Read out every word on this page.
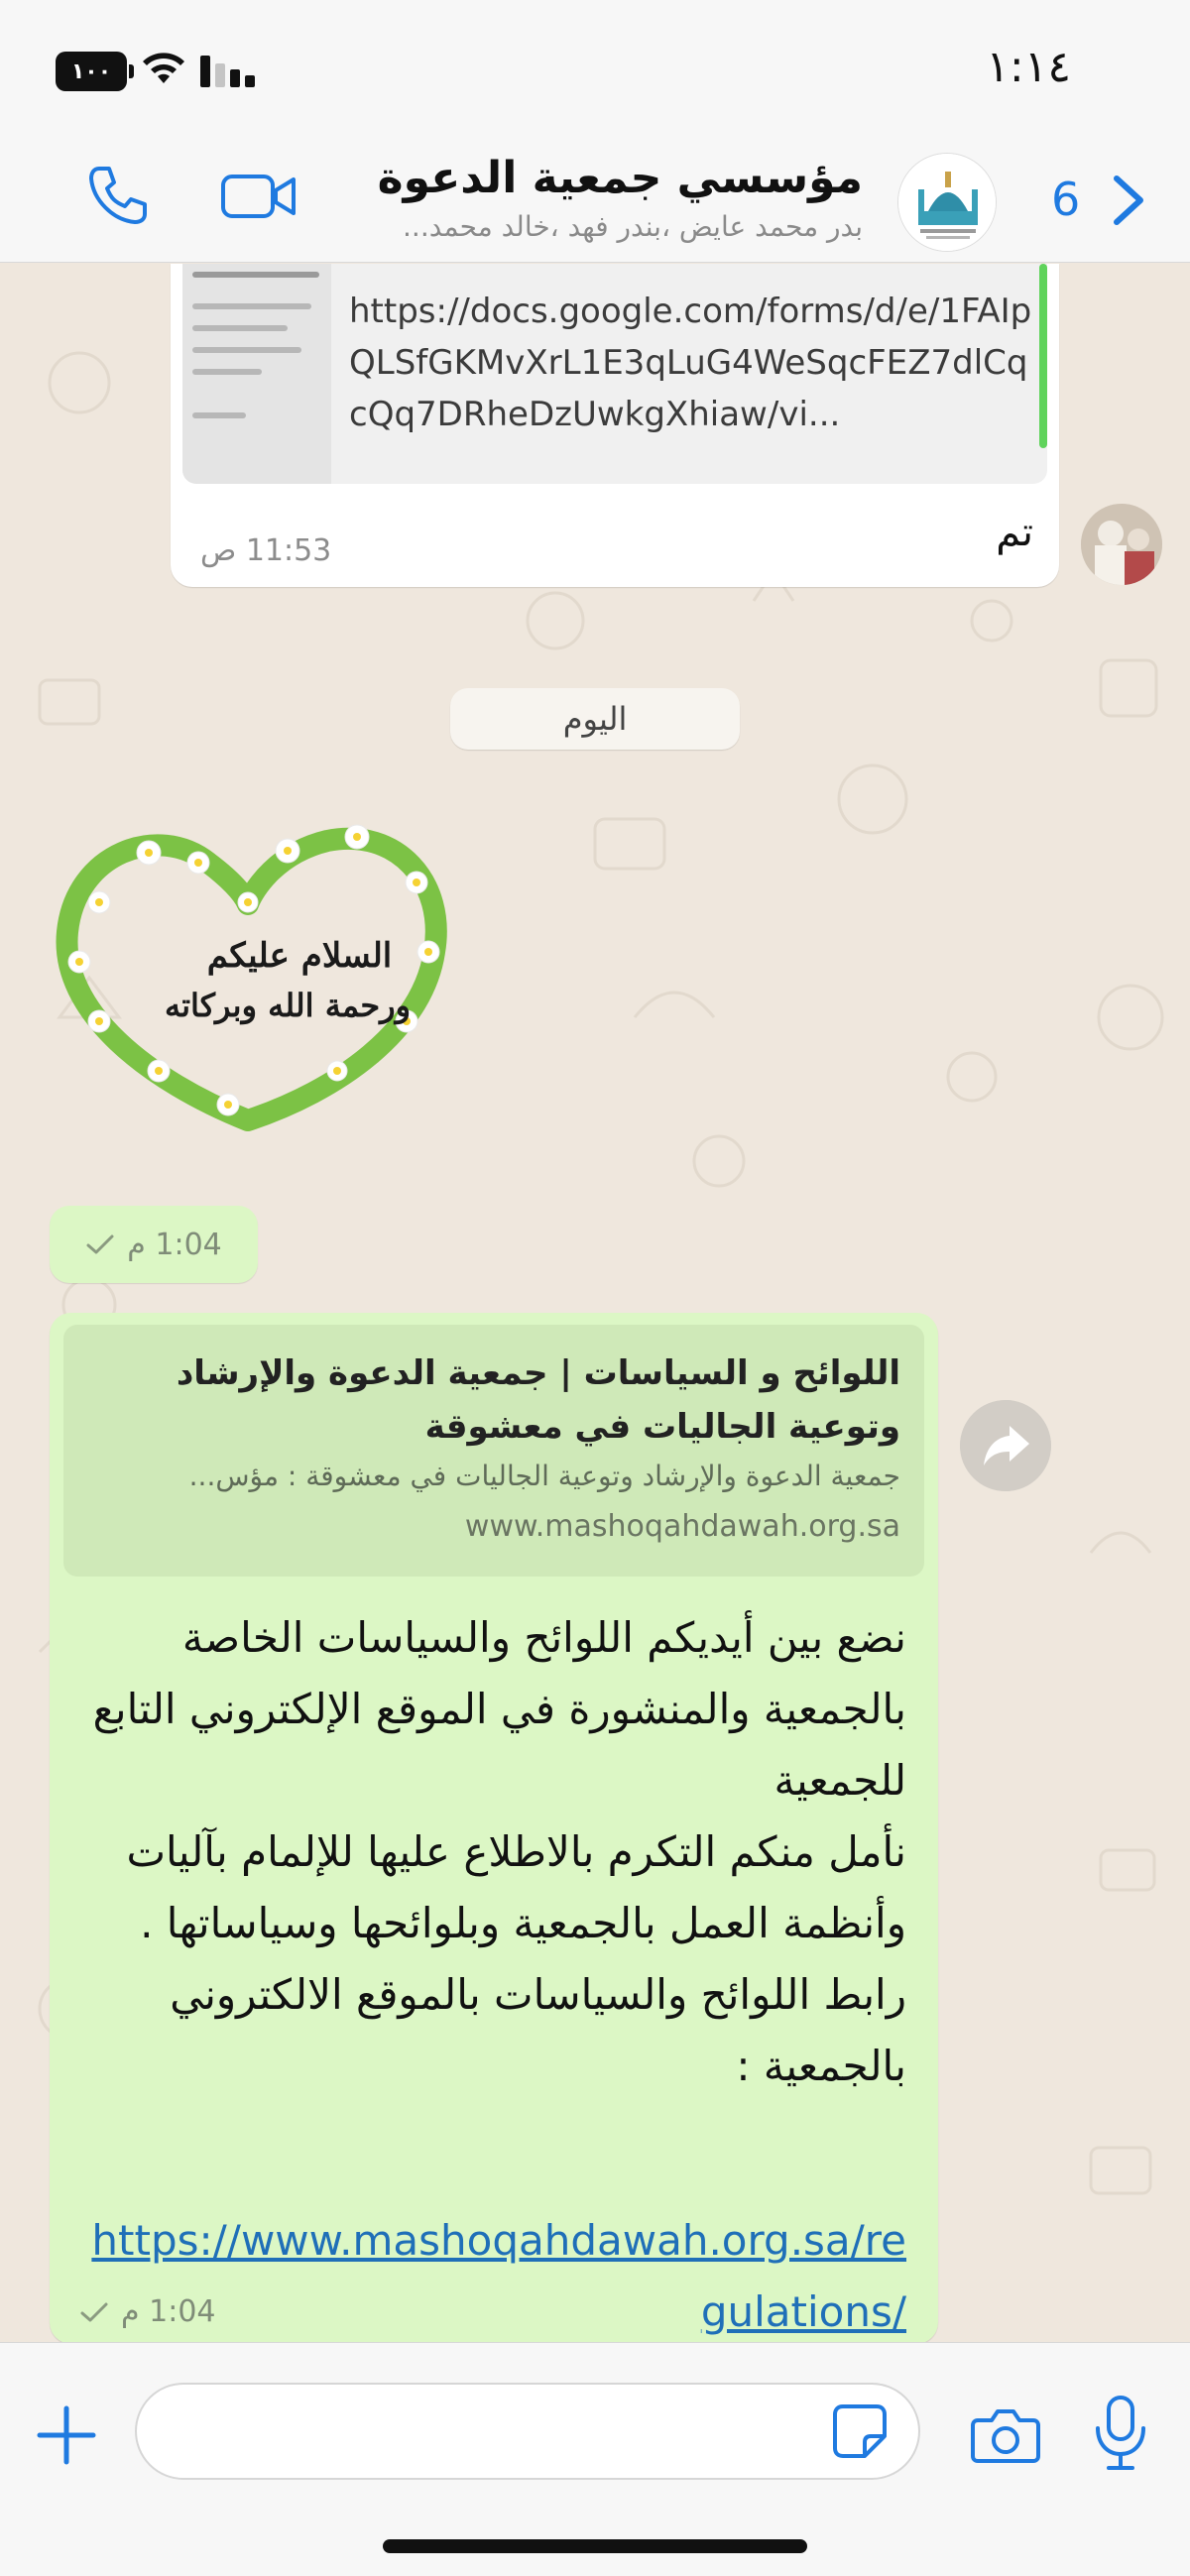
١٠٠	١:١٤
مؤسسي جمعية الدعوة
بدر محمد عايض ،بندر فهد ،خالد محمد...
6
https://docs.google.com/forms/d/e/1FAIpQLSfGKMvXrL1E3qLuG4WeSqcFEZ7dlCqcQq7DRheDzUwkgXhiaw/vi...
تم
11:53 ص
اليوم
السلام عليكم
ورحمة الله وبركاته
1:04 م
اللوائح و السياسات | جمعية الدعوة والإرشاد وتوعية الجاليات في معشوقة
جمعية الدعوة والإرشاد وتوعية الجاليات في معشوقة : مؤس...
www.mashoqahdawah.org.sa
نضع بين أيديكم اللوائح والسياسات الخاصة بالجمعية والمنشورة في الموقع الإلكتروني التابع للجمعية
نأمل منكم التكرم بالاطلاع عليها للإلمام بآليات وأنظمة العمل بالجمعية وبلوائحها وسياساتها .
رابط اللوائح والسياسات بالموقع الالكتروني بالجمعية :
https://www.mashoqahdawah.org.sa/regulations/
1:04 م
